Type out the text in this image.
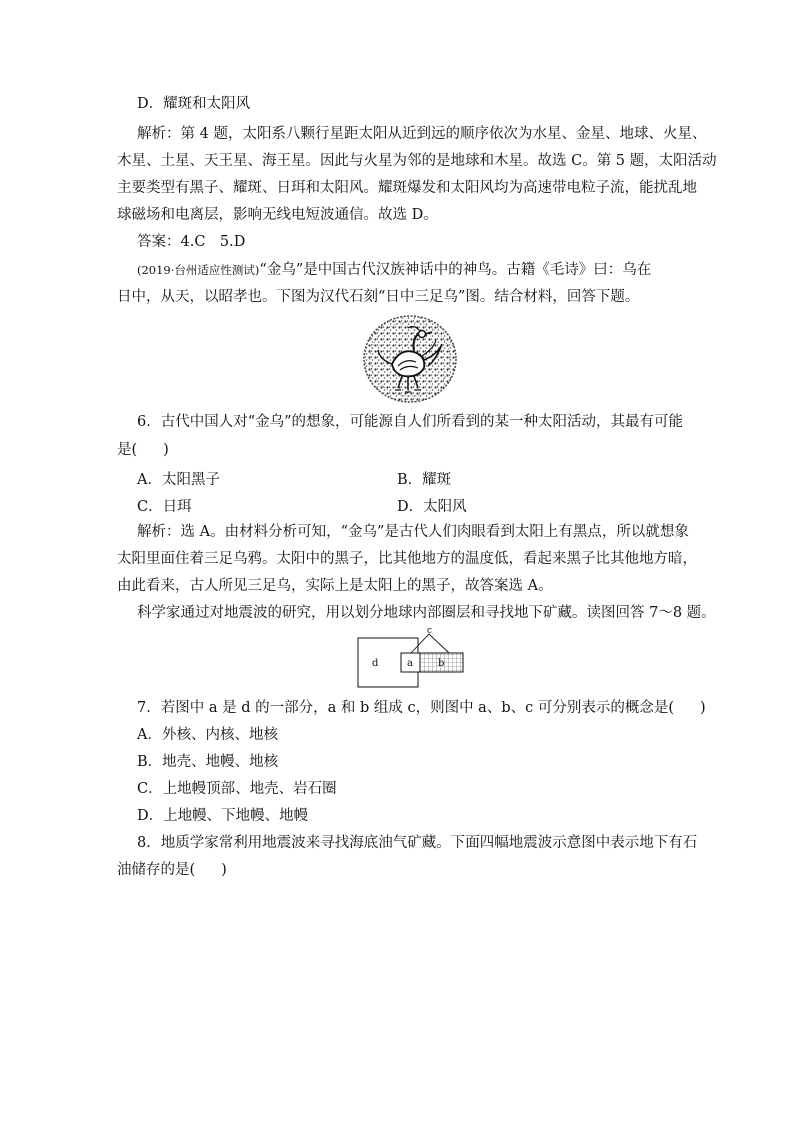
D．耀斑和太阳风
解析：第 4 题，太阳系八颗行星距太阳从近到远的顺序依次为水星、金星、地球、火星、
木星、土星、天王星、海王星。因此与火星为邻的是地球和木星。故选 C。第 5 题，太阳活动
主要类型有黑子、耀斑、日珥和太阳风。耀斑爆发和太阳风均为高速带电粒子流，能扰乱地
球磁场和电离层，影响无线电短波通信。故选 D。
答案：4.C　5.D
(2019·台州适应性测试)“金乌”是中国古代汉族神话中的神鸟。古籍《毛诗》曰：乌在
日中，从天，以昭孝也。下图为汉代石刻“日中三足乌”图。结合材料，回答下题。
6．古代中国人对“金乌”的想象，可能源自人们所看到的某一种太阳活动，其最有可能
是( )
A．太阳黑子	B．耀斑
C．日珥	D．太阳风
解析：选 A。由材料分析可知，“金乌”是古代人们肉眼看到太阳上有黑点，所以就想象
太阳里面住着三足乌鸦。太阳中的黑子，比其他地方的温度低，看起来黑子比其他地方暗，
由此看来，古人所见三足乌，实际上是太阳上的黑子，故答案选 A。
科学家通过对地震波的研究，用以划分地球内部圈层和寻找地下矿藏。读图回答 7～8 题。
d	a	b
c
7．若图中 a 是 d 的一部分，a 和 b 组成 c，则图中 a、b、c 可分别表示的概念是( )
A．外核、内核、地核
B．地壳、地幔、地核
C．上地幔顶部、地壳、岩石圈
D．上地幔、下地幔、地幔
8．地质学家常利用地震波来寻找海底油气矿藏。下面四幅地震波示意图中表示地下有石
油储存的是( )
